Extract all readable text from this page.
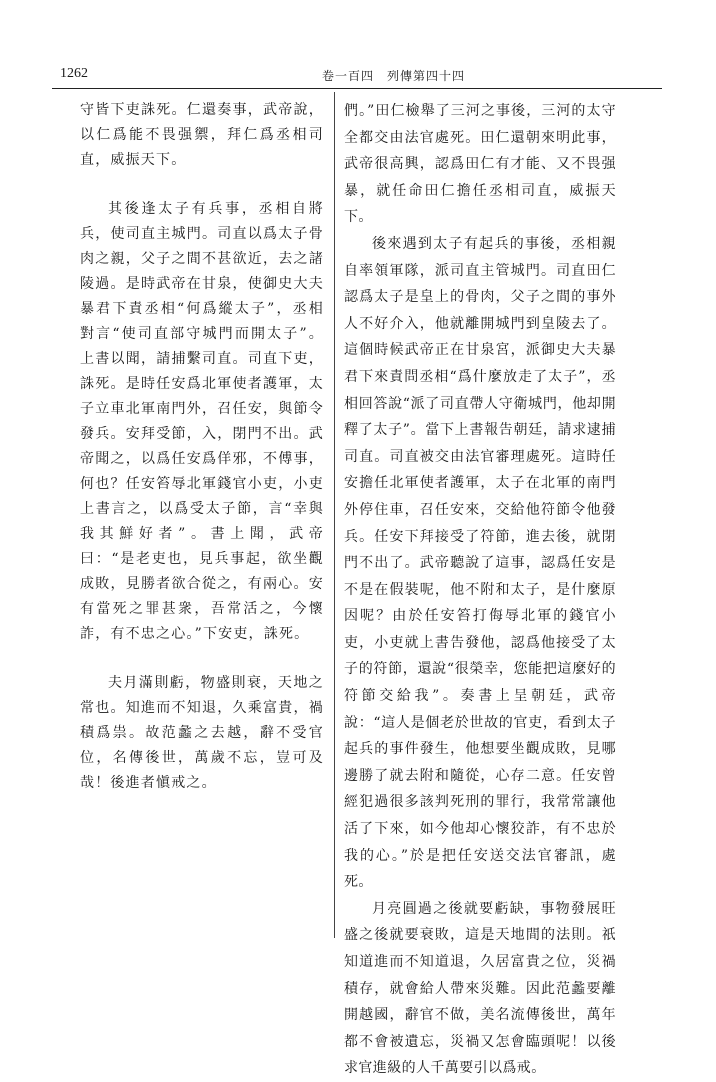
1262	卷一百四　列傳第四十四

守皆下吏誅死。仁還奏事，武帝說，以仁爲能不畏强禦，拜仁爲丞相司直，威振天下。

其後逢太子有兵事，丞相自將兵，使司直主城門。司直以爲太子骨肉之親，父子之間不甚欲近，去之諸陵過。是時武帝在甘泉，使御史大夫暴君下責丞相“何爲縱太子”，丞相對言“使司直部守城門而開太子”。上書以聞，請捕繫司直。司直下吏，誅死。是時任安爲北軍使者護軍，太子立車北軍南門外，召任安，與節令發兵。安拜受節，入，閉門不出。武帝聞之，以爲任安爲佯邪，不傅事，何也？任安笞辱北軍錢官小吏，小吏上書言之，以爲受太子節，言“幸與我其鮮好者”。書上聞，武帝曰：“是老吏也，見兵事起，欲坐觀成敗，見勝者欲合從之，有兩心。安有當死之罪甚衆，吾常活之，今懷詐，有不忠之心。”下安吏，誅死。

夫月滿則虧，物盛則衰，天地之常也。知進而不知退，久乘富貴，禍積爲祟。故范蠡之去越，辭不受官位，名傳後世，萬歲不忘，豈可及哉！後進者愼戒之。

們。”田仁檢舉了三河之事後，三河的太守全都交由法官處死。田仁還朝來明此事，武帝很高興，認爲田仁有才能、又不畏强暴，就任命田仁擔任丞相司直，威振天下。

後來遇到太子有起兵的事後，丞相親自率領軍隊，派司直主管城門。司直田仁認爲太子是皇上的骨肉，父子之間的事外人不好介入，他就離開城門到皇陵去了。這個時候武帝正在甘泉宮，派御史大夫暴君下來責問丞相“爲什麼放走了太子”，丞相回答說“派了司直帶人守衛城門，他却開釋了太子”。當下上書報告朝廷，請求逮捕司直。司直被交由法官審理處死。這時任安擔任北軍使者護軍，太子在北軍的南門外停住車，召任安來，交給他符節令他發兵。任安下拜接受了符節，進去後，就閉門不出了。武帝聽說了這事，認爲任安是不是在假裝呢，他不附和太子，是什麼原因呢？由於任安笞打侮辱北軍的錢官小吏，小吏就上書告發他，認爲他接受了太子的符節，還說“很榮幸，您能把這麼好的符節交給我”。奏書上呈朝廷，武帝說：“這人是個老於世故的官吏，看到太子起兵的事件發生，他想要坐觀成敗，見哪邊勝了就去附和隨從，心存二意。任安曾經犯過很多該判死刑的罪行，我常常讓他活了下來，如今他却心懷狡詐，有不忠於我的心。”於是把任安送交法官審訊，處死。

月亮圓過之後就要虧缺，事物發展旺盛之後就要衰敗，這是天地間的法則。祇知道進而不知道退，久居富貴之位，災禍積存，就會給人帶來災難。因此范蠡要離開越國，辭官不做，美名流傳後世，萬年都不會被遺忘，災禍又怎會臨頭呢！以後求官進級的人千萬要引以爲戒。
